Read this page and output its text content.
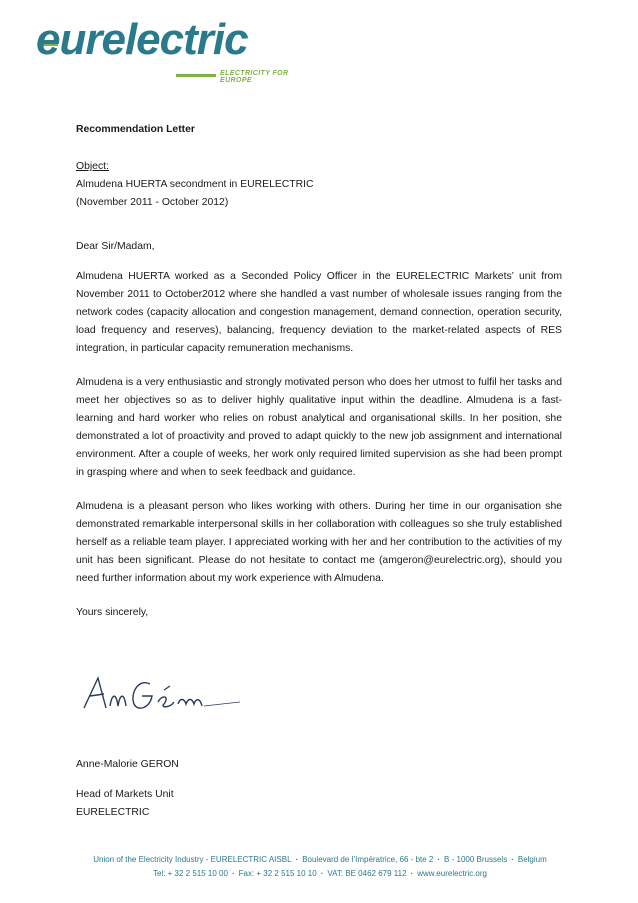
eurelectric
ELECTRICITY FOR EUROPE

Recommendation Letter

Object:
Almudena HUERTA secondment in EURELECTRIC
(November 2011 - October 2012)

Dear Sir/Madam,

Almudena HUERTA worked as a Seconded Policy Officer in the EURELECTRIC Markets’ unit from November 2011 to October2012 where she handled a vast number of wholesale issues ranging from the network codes (capacity allocation and congestion management, demand connection, operation security, load frequency and reserves), balancing, frequency deviation to the market-related aspects of RES integration, in particular capacity remuneration mechanisms.

Almudena is a very enthusiastic and strongly motivated person who does her utmost to fulfil her tasks and meet her objectives so as to deliver highly qualitative input within the deadline. Almudena is a fast-learning and hard worker who relies on robust analytical and organisational skills. In her position, she demonstrated a lot of proactivity and proved to adapt quickly to the new job assignment and international environment. After a couple of weeks, her work only required limited supervision as she had been prompt in grasping where and when to seek feedback and guidance.

Almudena is a pleasant person who likes working with others. During her time in our organisation she demonstrated remarkable interpersonal skills in her collaboration with colleagues so she truly established herself as a reliable team player. I appreciated working with her and her contribution to the activities of my unit has been significant. Please do not hesitate to contact me (amgeron@eurelectric.org), should you need further information about my work experience with Almudena.

Yours sincerely,

Anne-Malorie GERON
Head of Markets Unit
EURELECTRIC
Union of the Electricity Industry - EURELECTRIC AISBL · Boulevard de l’Impératrice, 66 - bte 2 · B - 1000 Brussels · Belgium
Tel: + 32 2 515 10 00 · Fax: + 32 2 515 10 10 · VAT: BE 0462 679 112 · www.eurelectric.org
